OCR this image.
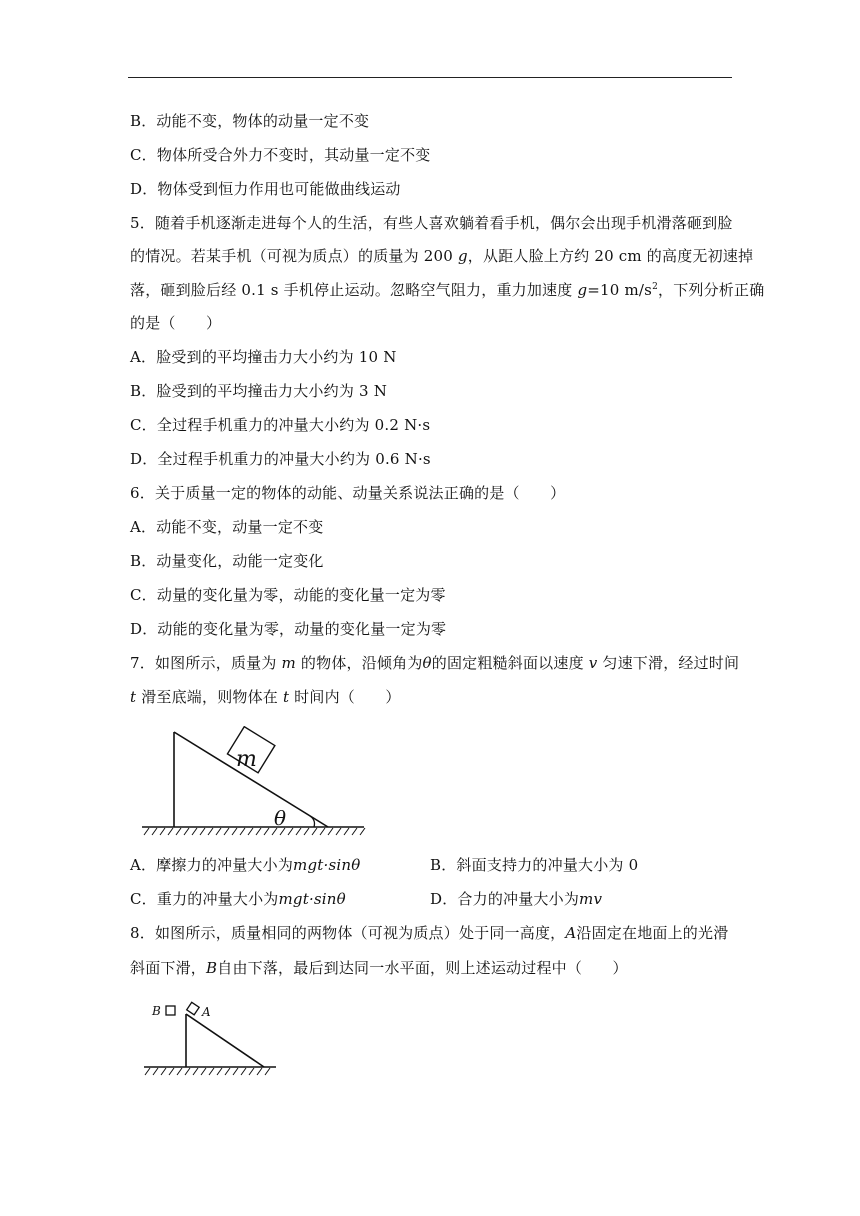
B．动能不变，物体的动量一定不变
C．物体所受合外力不变时，其动量一定不变
D．物体受到恒力作用也可能做曲线运动
5．随着手机逐渐走进每个人的生活，有些人喜欢躺着看手机，偶尔会出现手机滑落砸到脸
的情况。若某手机（可视为质点）的质量为 200 g，从距人脸上方约 20 cm 的高度无初速掉
落，砸到脸后经 0.1 s 手机停止运动。忽略空气阻力，重力加速度 g=10 $m/s^2$，下列分析正确
的是（　　）
A．脸受到的平均撞击力大小约为 10 N
B．脸受到的平均撞击力大小约为 3 N
C．全过程手机重力的冲量大小约为 0.2 N·s
D．全过程手机重力的冲量大小约为 0.6 N·s
6．关于质量一定的物体的动能、动量关系说法正确的是（　　）
A．动能不变，动量一定不变
B．动量变化，动能一定变化
C．动量的变化量为零，动能的变化量一定为零
D．动能的变化量为零，动量的变化量一定为零
7．如图所示，质量为 m 的物体，沿倾角为θ的固定粗糙斜面以速度 v 匀速下滑，经过时间
t 滑至底端，则物体在 t 时间内（　　）
m
θ
A．摩擦力的冲量大小为mgt·sinθ	B．斜面支持力的冲量大小为 0
C．重力的冲量大小为mgt·sinθ	D．合力的冲量大小为mv
8．如图所示，质量相同的两物体（可视为质点）处于同一高度，A沿固定在地面上的光滑
斜面下滑，B自由下落，最后到达同一水平面，则上述运动过程中（　　）
B	A
